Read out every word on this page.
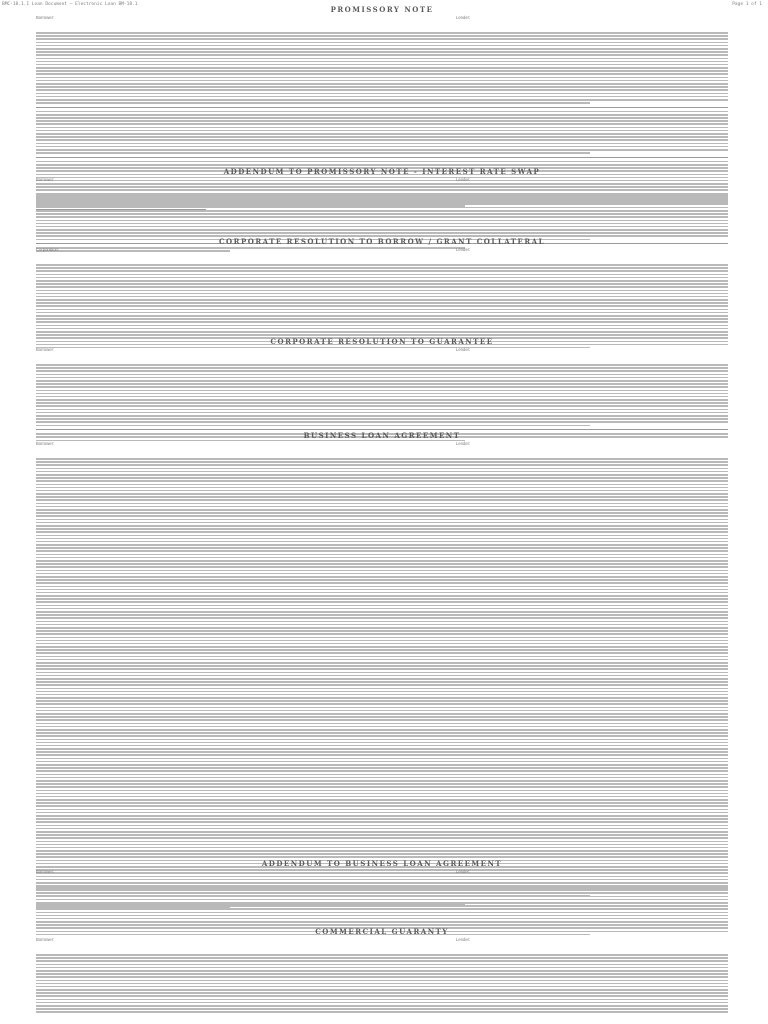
BMC-18.1.1 Loan Document – Electronic Loan BM-18.1	Page 1 of 1
PROMISSORY NOTE
Borrower:	Lender:
ADDENDUM TO PROMISSORY NOTE - INTEREST RATE SWAP
Borrower:	Lender:
CORPORATE RESOLUTION TO BORROW / GRANT COLLATERAL
Corporation:	Lender:
CORPORATE RESOLUTION TO GUARANTEE
Borrower:	Lender:
BUSINESS LOAN AGREEMENT
Borrower:	Lender:
ADDENDUM TO BUSINESS LOAN AGREEMENT
Borrower:	Lender:
COMMERCIAL GUARANTY
Borrower:	Lender:
